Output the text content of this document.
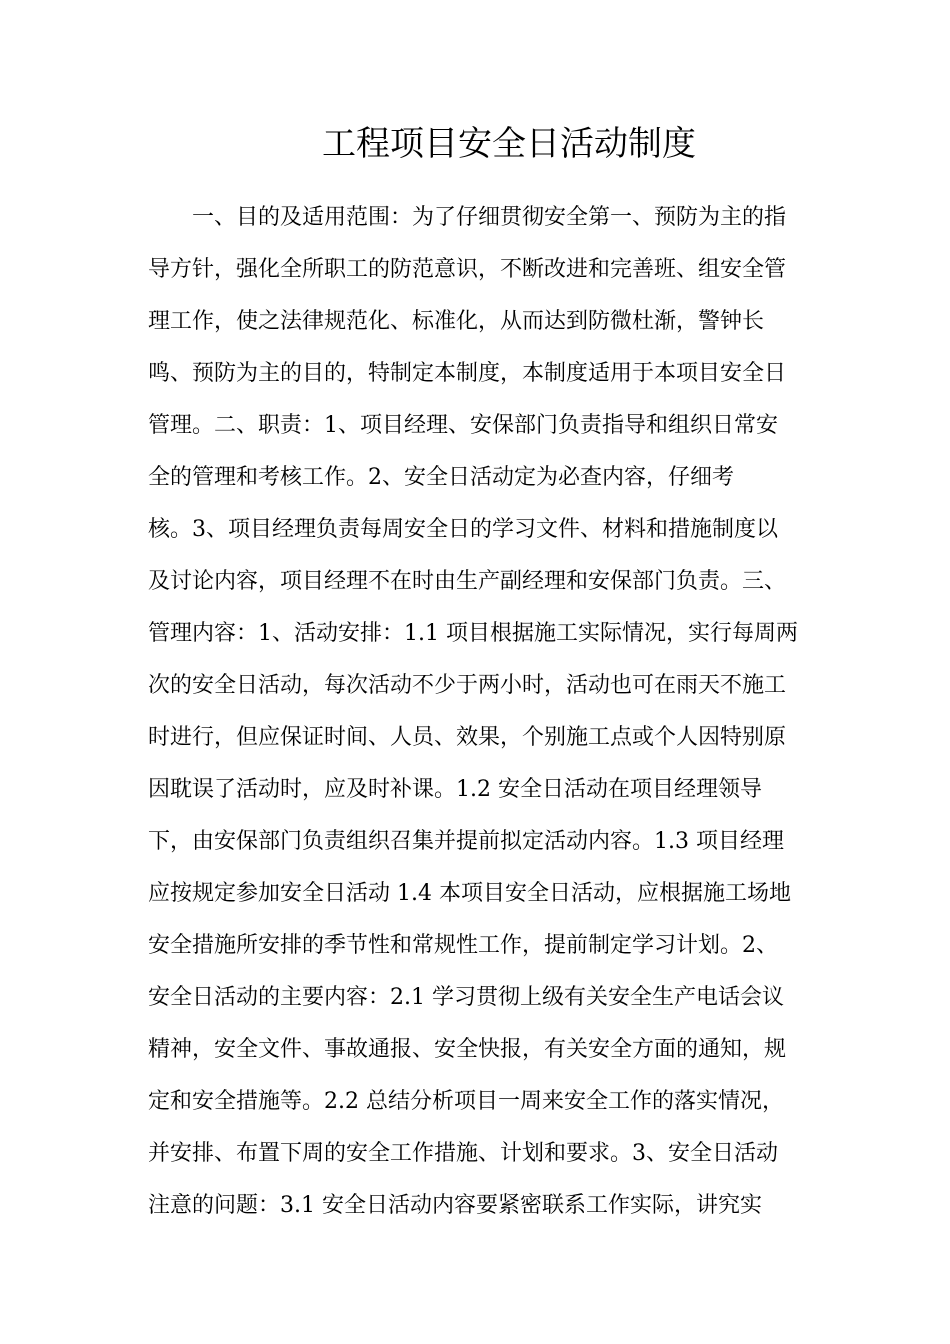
工程项目安全日活动制度
一、目的及适用范围：为了仔细贯彻安全第一、预防为主的指
导方针，强化全所职工的防范意识，不断改进和完善班、组安全管
理工作，使之法律规范化、标准化，从而达到防微杜渐，警钟长
鸣、预防为主的目的，特制定本制度，本制度适用于本项目安全日
管理。二、职责：1、项目经理、安保部门负责指导和组织日常安
全的管理和考核工作。2、安全日活动定为必查内容，仔细考
核。3、项目经理负责每周安全日的学习文件、材料和措施制度以
及讨论内容，项目经理不在时由生产副经理和安保部门负责。三、
管理内容：1、活动安排：1.1 项目根据施工实际情况，实行每周两
次的安全日活动，每次活动不少于两小时，活动也可在雨天不施工
时进行，但应保证时间、人员、效果，个别施工点或个人因特别原
因耽误了活动时，应及时补课。1.2 安全日活动在项目经理领导
下，由安保部门负责组织召集并提前拟定活动内容。1.3 项目经理
应按规定参加安全日活动 1.4 本项目安全日活动，应根据施工场地
安全措施所安排的季节性和常规性工作，提前制定学习计划。2、
安全日活动的主要内容：2.1 学习贯彻上级有关安全生产电话会议
精神，安全文件、事故通报、安全快报，有关安全方面的通知，规
定和安全措施等。2.2 总结分析项目一周来安全工作的落实情况，
并安排、布置下周的安全工作措施、计划和要求。3、安全日活动
注意的问题：3.1 安全日活动内容要紧密联系工作实际，讲究实
